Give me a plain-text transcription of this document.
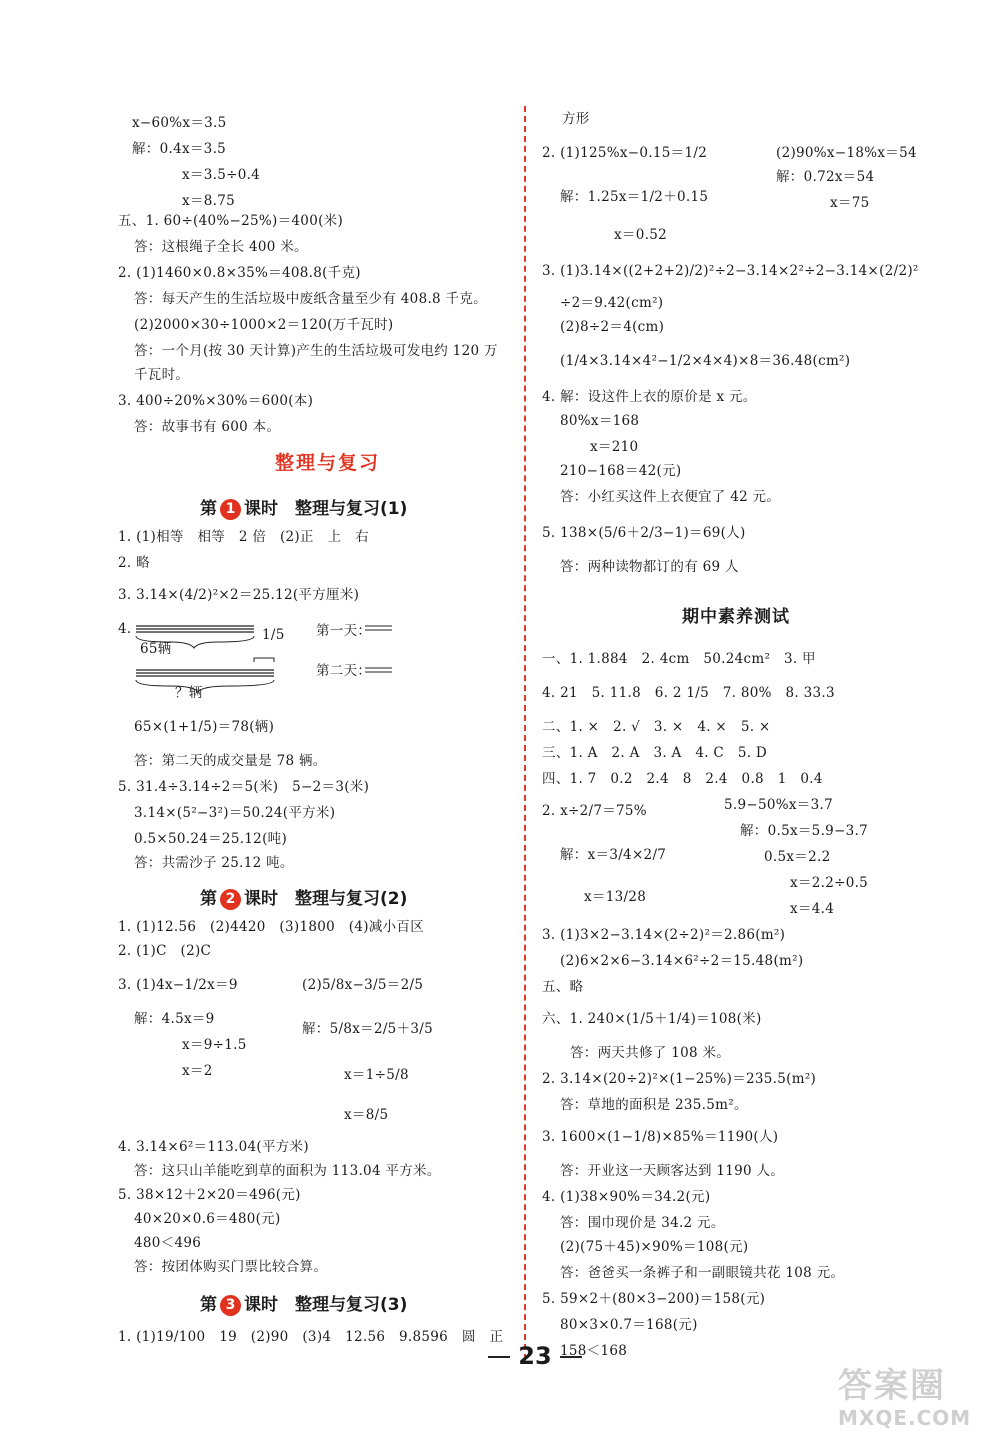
x−60%x＝3.5
解：0.4x＝3.5
x＝3.5÷0.4
x＝8.75
五、1. 60÷(40%−25%)＝400(米)
答：这根绳子全长 400 米。
2. (1)1460×0.8×35%＝408.8(千克)
答：每天产生的生活垃圾中废纸含量至少有 408.8 千克。
(2)2000×30÷1000×2＝120(万千瓦时)
答：一个月(按 30 天计算)产生的生活垃圾可发电约 120 万
千瓦时。
3. 400÷20%×30%＝600(本)
答：故事书有 600 本。
整理与复习
第 1 课时　整理与复习(1)
1. (1)相等　相等　2 倍　(2)正　上　右
2. 略
3. 3.14×(4/2)²×2＝25.12(平方厘米)
4.
65辆
1/5
？辆
第一天：
第二天：
65×(1+1/5)＝78(辆)
答：第二天的成交量是 78 辆。
5. 31.4÷3.14÷2＝5(米)　5−2＝3(米)
3.14×(5²−3²)＝50.24(平方米)
0.5×50.24＝25.12(吨)
答：共需沙子 25.12 吨。
第 2 课时　整理与复习(2)
1. (1)12.56　(2)4420　(3)1800　(4)减小百区
2. (1)C　(2)C
3. (1)4x−1/2x＝9
解：4.5x＝9
x＝9÷1.5
x＝2
(2)5/8x−3/5＝2/5
解：5/8x＝2/5＋3/5
x＝1÷5/8
x＝8/5
4. 3.14×6²＝113.04(平方米)
答：这只山羊能吃到草的面积为 113.04 平方米。
5. 38×12＋2×20＝496(元)
40×20×0.6＝480(元)
480＜496
答：按团体购买门票比较合算。
第 3 课时　整理与复习(3)
1. (1)19/100　19　(2)90　(3)4　12.56　9.8596　圆　正
方形
2. (1)125%x−0.15＝1/2	(2)90%x−18%x＝54
解：1.25x＝1/2＋0.15
解：0.72x＝54
x＝75
x＝0.52
3. (1)3.14×((2+2+2)/2)²÷2−3.14×2²÷2−3.14×(2/2)²
÷2＝9.42(cm²)
(2)8÷2＝4(cm)
(1/4×3.14×4²−1/2×4×4)×8＝36.48(cm²)
4. 解：设这件上衣的原价是 x 元。
80%x＝168
x＝210
210−168＝42(元)
答：小红买这件上衣便宜了 42 元。
5. 138×(5/6＋2/3−1)＝69(人)
答：两种读物都订的有 69 人
期中素养测试
一、1. 1.884　2. 4cm　50.24cm²　3. 甲
4. 21　5. 11.8　6. 2 1/5　7. 80%　8. 33.3
二、1. ×　2. √　3. ×　4. ×　5. ×
三、1. A　2. A　3. A　4. C　5. D
四、1. 7　0.2　2.4　8　2.4　0.8　1　0.4
2. x÷2/7＝75%	5.9−50%x＝3.7
解：0.5x＝5.9−3.7
解：x＝3/4×2/7	0.5x＝2.2
x＝13/28
x＝2.2÷0.5
x＝4.4
3. (1)3×2−3.14×(2÷2)²＝2.86(m²)
(2)6×2×6−3.14×6²÷2＝15.48(m²)
五、略
六、1. 240×(1/5＋1/4)＝108(米)
答：两天共修了 108 米。
2. 3.14×(20÷2)²×(1−25%)＝235.5(m²)
答：草地的面积是 235.5m²。
3. 1600×(1−1/8)×85%＝1190(人)
答：开业这一天顾客达到 1190 人。
4. (1)38×90%＝34.2(元)
答：围巾现价是 34.2 元。
(2)(75＋45)×90%＝108(元)
答：爸爸买一条裤子和一副眼镜共花 108 元。
5. 59×2＋(80×3−200)＝158(元)
80×3×0.7＝168(元)
158＜168
23
答案圈
MXQE.COM
